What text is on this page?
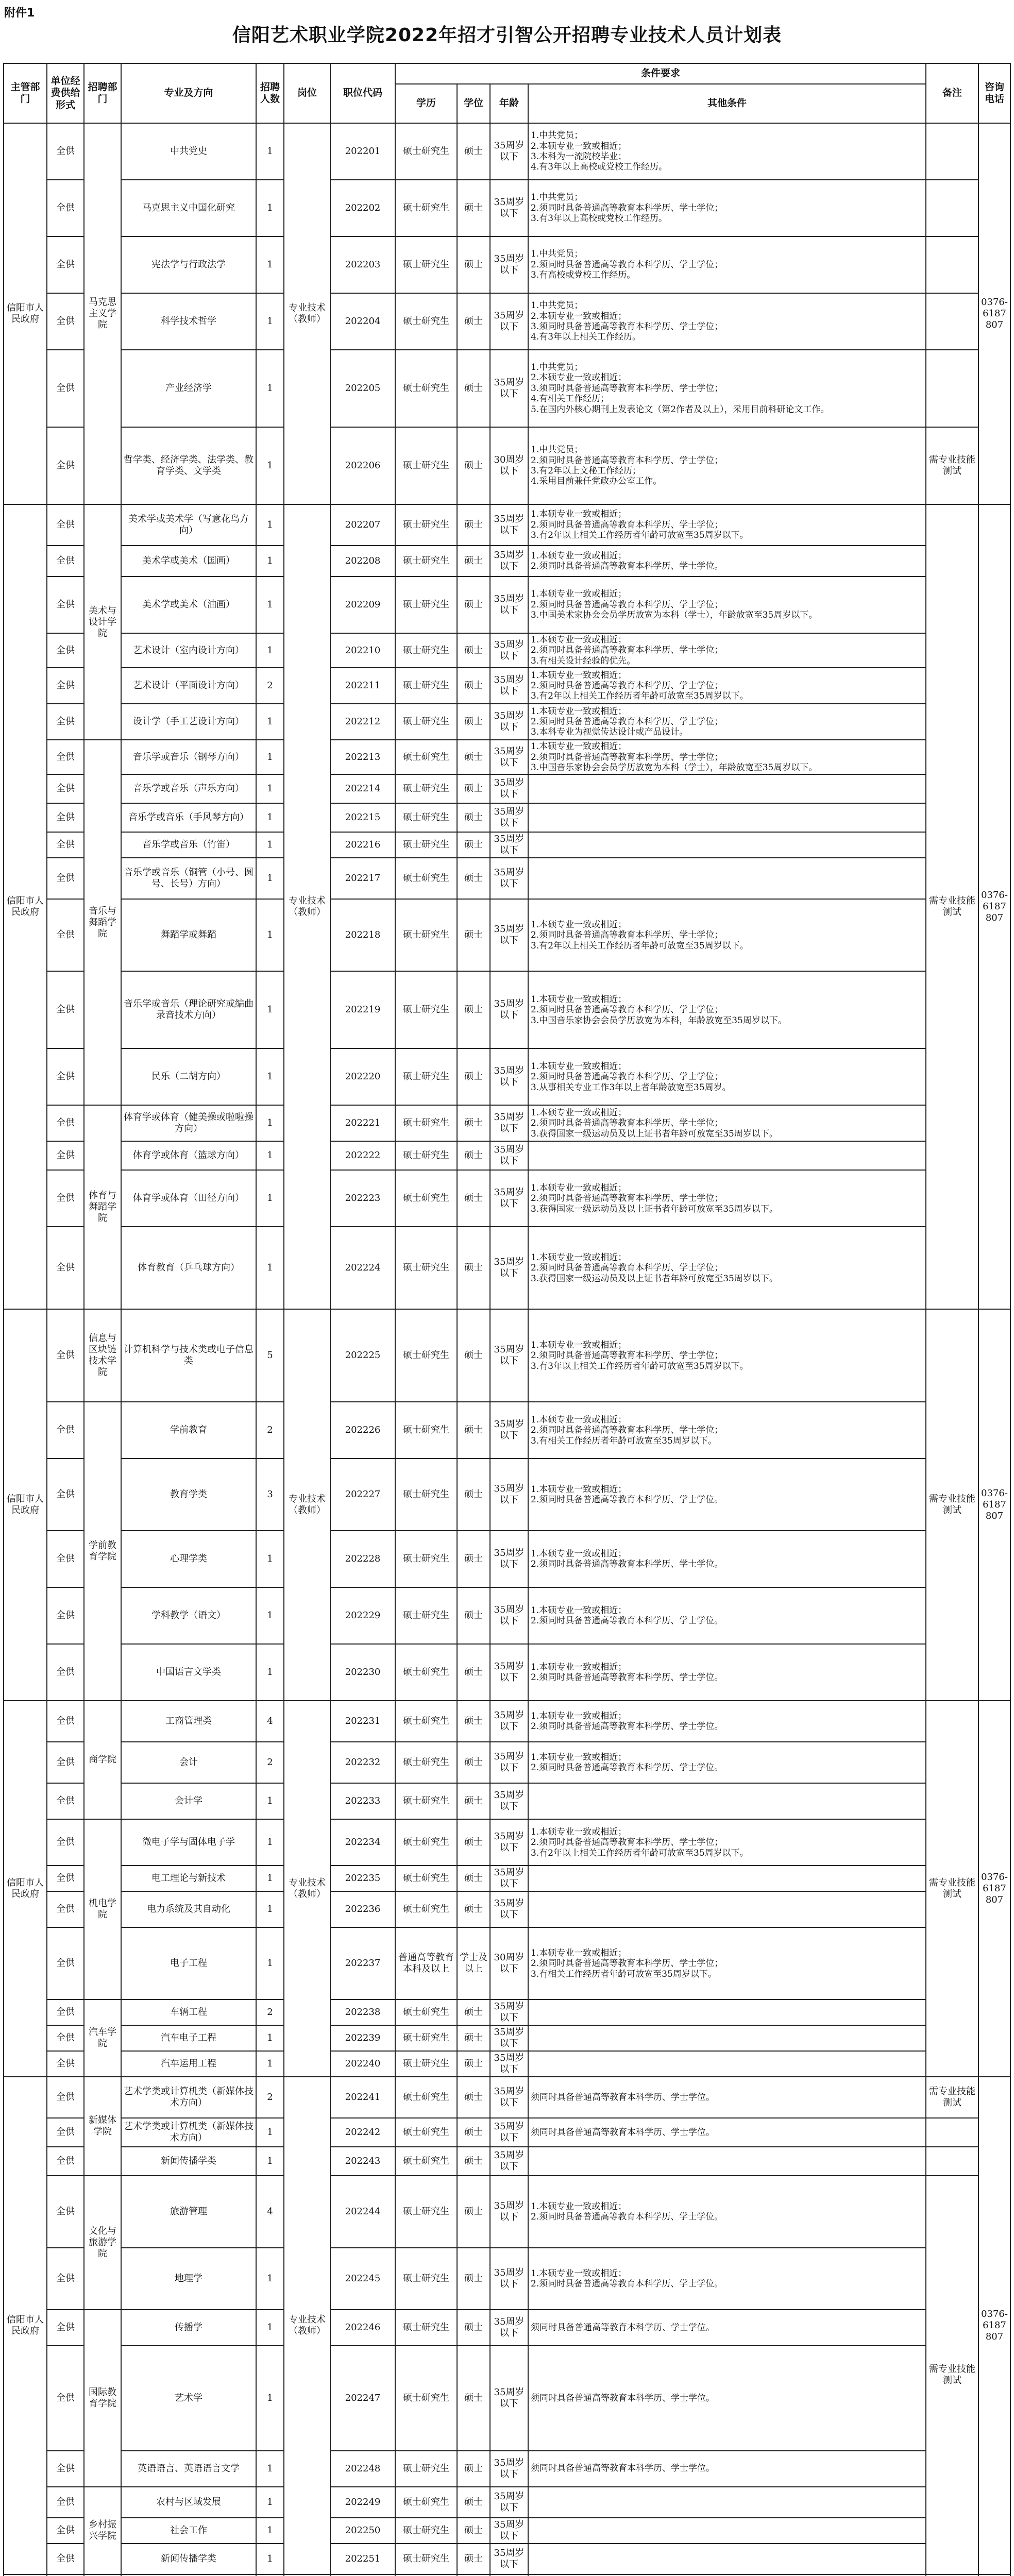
附件1
信阳艺术职业学院2022年招才引智公开招聘专业技术人员计划表
主管部门	单位经费供给形式	招聘部门	专业及方向	招聘人数	岗位	职位代码	条件要求				备注	咨询电话	
							学历	学位	年龄	其他条件			
信阳市人民政府	全供	马克思主义学院	中共党史	1	专业技术（教师）	202201	硕士研究生	硕士	35周岁以下	1.中共党员；
2.本硕专业一致或相近；
3.本科为一流院校毕业；
4.有3年以上高校或党校工作经历。		0376-6187807	
	全供		马克思主义中国化研究	1		202202	硕士研究生	硕士	35周岁以下	1.中共党员；
2.须同时具备普通高等教育本科学历、学士学位；
3.有3年以上高校或党校工作经历。			
	全供		宪法学与行政法学	1		202203	硕士研究生	硕士	35周岁以下	1.中共党员；
2.须同时具备普通高等教育本科学历、学士学位；
3.有高校或党校工作经历。			
	全供		科学技术哲学	1		202204	硕士研究生	硕士	35周岁以下	1.中共党员；
2.本硕专业一致或相近；
3.须同时具备普通高等教育本科学历、学士学位；
4.有3年以上相关工作经历。			
	全供		产业经济学	1		202205	硕士研究生	硕士	35周岁以下	1.中共党员；
2.本硕专业一致或相近；
3.须同时具备普通高等教育本科学历、学士学位；
4.有相关工作经历；
5.在国内外核心期刊上发表论文（第2作者及以上），采用目前科研论文工作。			
	全供		哲学类、经济学类、法学类、教育学类、文学类	1		202206	硕士研究生	硕士	30周岁以下	1.中共党员；
2.须同时具备普通高等教育本科学历、学士学位；
3.有2年以上文秘工作经历；
4.采用目前兼任党政办公室工作。	需专业技能测试		
信阳市人民政府	全供	美术与设计学院	美术学或美术学（写意花鸟方向）	1	专业技术（教师）	202207	硕士研究生	硕士	35周岁以下	1.本硕专业一致或相近；
2.须同时具备普通高等教育本科学历、学士学位；
3.有2年以上相关工作经历者年龄可放宽至35周岁以下。	需专业技能测试	0376-6187807	
	全供		美术学或美术（国画）	1		202208	硕士研究生	硕士	35周岁以下	1.本硕专业一致或相近；
2.须同时具备普通高等教育本科学历、学士学位。			
	全供		美术学或美术（油画）	1		202209	硕士研究生	硕士	35周岁以下	1.本硕专业一致或相近；
2.须同时具备普通高等教育本科学历、学士学位；
3.中国美术家协会会员学历放宽为本科（学士），年龄放宽至35周岁以下。			
	全供		艺术设计（室内设计方向）	1		202210	硕士研究生	硕士	35周岁以下	1.本硕专业一致或相近；
2.须同时具备普通高等教育本科学历、学士学位；
3.有相关设计经验的优先。			
	全供		艺术设计（平面设计方向）	2		202211	硕士研究生	硕士	35周岁以下	1.本硕专业一致或相近；
2.须同时具备普通高等教育本科学历、学士学位；
3.有2年以上相关工作经历者年龄可放宽至35周岁以下。			
	全供		设计学（手工艺设计方向）	1		202212	硕士研究生	硕士	35周岁以下	1.本硕专业一致或相近；
2.须同时具备普通高等教育本科学历、学士学位；
3.本科专业为视觉传达设计或产品设计。			
	全供	音乐与舞蹈学院	音乐学或音乐（钢琴方向）	1		202213	硕士研究生	硕士	35周岁以下	1.本硕专业一致或相近；
2.须同时具备普通高等教育本科学历、学士学位；
3.中国音乐家协会会员学历放宽为本科（学士），年龄放宽至35周岁以下。			
	全供		音乐学或音乐（声乐方向）	1		202214	硕士研究生	硕士	35周岁以下				
	全供		音乐学或音乐（手风琴方向）	1		202215	硕士研究生	硕士	35周岁以下				
	全供		音乐学或音乐（竹笛）	1		202216	硕士研究生	硕士	35周岁以下				
	全供		音乐学或音乐（铜管（小号、圆号、长号）方向）	1		202217	硕士研究生	硕士	35周岁以下				
	全供		舞蹈学或舞蹈	1		202218	硕士研究生	硕士	35周岁以下	1.本硕专业一致或相近；
2.须同时具备普通高等教育本科学历、学士学位；
3.有2年以上相关工作经历者年龄可放宽至35周岁以下。			
	全供		音乐学或音乐（理论研究或编曲录音技术方向）	1		202219	硕士研究生	硕士	35周岁以下	1.本硕专业一致或相近；
2.须同时具备普通高等教育本科学历、学士学位；
3.中国音乐家协会会员学历放宽为本科，年龄放宽至35周岁以下。			
	全供		民乐（二胡方向）	1		202220	硕士研究生	硕士	35周岁以下	1.本硕专业一致或相近；
2.须同时具备普通高等教育本科学历、学士学位；
3.从事相关专业工作3年以上者年龄放宽至35周岁。			
	全供	体育与舞蹈学院	体育学或体育（健美操或啦啦操方向）	1		202221	硕士研究生	硕士	35周岁以下	1.本硕专业一致或相近；
2.须同时具备普通高等教育本科学历、学士学位；
3.获得国家一级运动员及以上证书者年龄可放宽至35周岁以下。			
	全供		体育学或体育（篮球方向）	1		202222	硕士研究生	硕士	35周岁以下				
	全供		体育学或体育（田径方向）	1		202223	硕士研究生	硕士	35周岁以下	1.本硕专业一致或相近；
2.须同时具备普通高等教育本科学历、学士学位；
3.获得国家一级运动员及以上证书者年龄可放宽至35周岁以下。			
	全供		体育教育（乒乓球方向）	1		202224	硕士研究生	硕士	35周岁以下	1.本硕专业一致或相近；
2.须同时具备普通高等教育本科学历、学士学位；
3.获得国家一级运动员及以上证书者年龄可放宽至35周岁以下。			
信阳市人民政府	全供	信息与区块链技术学院	计算机科学与技术类或电子信息类	5	专业技术（教师）	202225	硕士研究生	硕士	35周岁以下	1.本硕专业一致或相近；
2.须同时具备普通高等教育本科学历、学士学位；
3.有3年以上相关工作经历者年龄可放宽至35周岁以下。	需专业技能测试	0376-6187807	
	全供	学前教育学院	学前教育	2		202226	硕士研究生	硕士	35周岁以下	1.本硕专业一致或相近；
2.须同时具备普通高等教育本科学历、学士学位；
3.有相关工作经历者年龄可放宽至35周岁以下。			
	全供		教育学类	3		202227	硕士研究生	硕士	35周岁以下	1.本硕专业一致或相近；
2.须同时具备普通高等教育本科学历、学士学位。			
	全供		心理学类	1		202228	硕士研究生	硕士	35周岁以下	1.本硕专业一致或相近；
2.须同时具备普通高等教育本科学历、学士学位。			
	全供		学科教学（语文）	1		202229	硕士研究生	硕士	35周岁以下	1.本硕专业一致或相近；
2.须同时具备普通高等教育本科学历、学士学位。			
	全供		中国语言文学类	1		202230	硕士研究生	硕士	35周岁以下	1.本硕专业一致或相近；
2.须同时具备普通高等教育本科学历、学士学位。			
信阳市人民政府	全供	商学院	工商管理类	4	专业技术（教师）	202231	硕士研究生	硕士	35周岁以下	1.本硕专业一致或相近；
2.须同时具备普通高等教育本科学历、学士学位。	需专业技能测试	0376-6187807	
	全供		会计	2		202232	硕士研究生	硕士	35周岁以下	1.本硕专业一致或相近；
2.须同时具备普通高等教育本科学历、学士学位。			
	全供		会计学	1		202233	硕士研究生	硕士	35周岁以下				
	全供	机电学院	微电子学与固体电子学	1		202234	硕士研究生	硕士	35周岁以下	1.本硕专业一致或相近；
2.须同时具备普通高等教育本科学历、学士学位；
3.有2年以上相关工作经历者年龄可放宽至35周岁以下。			
	全供		电工理论与新技术	1		202235	硕士研究生	硕士	35周岁以下				
	全供		电力系统及其自动化	1		202236	硕士研究生	硕士	35周岁以下				
	全供		电子工程	1		202237	普通高等教育本科及以上	学士及以上	30周岁以下	1.本硕专业一致或相近；
2.须同时具备普通高等教育本科学历、学士学位；
3.有相关工作经历者年龄可放宽至35周岁以下。			
	全供	汽车学院	车辆工程	2		202238	硕士研究生	硕士	35周岁以下				
	全供		汽车电子工程	1		202239	硕士研究生	硕士	35周岁以下				
	全供		汽车运用工程	1		202240	硕士研究生	硕士	35周岁以下				
信阳市人民政府	全供	新媒体学院	艺术学类或计算机类（新媒体技术方向）	2	专业技术（教师）	202241	硕士研究生	硕士	35周岁以下	须同时具备普通高等教育本科学历、学士学位。	需专业技能测试	0376-6187807	
	全供		艺术学类或计算机类（新媒体技术方向）	1		202242	硕士研究生	硕士	35周岁以下	须同时具备普通高等教育本科学历、学士学位。			
	全供		新闻传播学类	1		202243	硕士研究生	硕士	35周岁以下				
	全供	文化与旅游学院	旅游管理	4		202244	硕士研究生	硕士	35周岁以下	1.本硕专业一致或相近；
2.须同时具备普通高等教育本科学历、学士学位。	需专业技能测试		
	全供		地理学	1		202245	硕士研究生	硕士	35周岁以下	1.本硕专业一致或相近；
2.须同时具备普通高等教育本科学历、学士学位。			
	全供	国际教育学院	传播学	1		202246	硕士研究生	硕士	35周岁以下	须同时具备普通高等教育本科学历、学士学位。			
	全供		艺术学	1		202247	硕士研究生	硕士	35周岁以下	须同时具备普通高等教育本科学历、学士学位。	
	全供		英语语言、英语语言文学	1		202248	硕士研究生	硕士	35周岁以下	须同时具备普通高等教育本科学历、学士学位。			
	全供	乡村振兴学院	农村与区域发展	1		202249	硕士研究生	硕士	35周岁以下				
	全供		社会工作	1		202250	硕士研究生	硕士	35周岁以下				
	全供		新闻传播学类	1		202251	硕士研究生	硕士	35周岁以下				
